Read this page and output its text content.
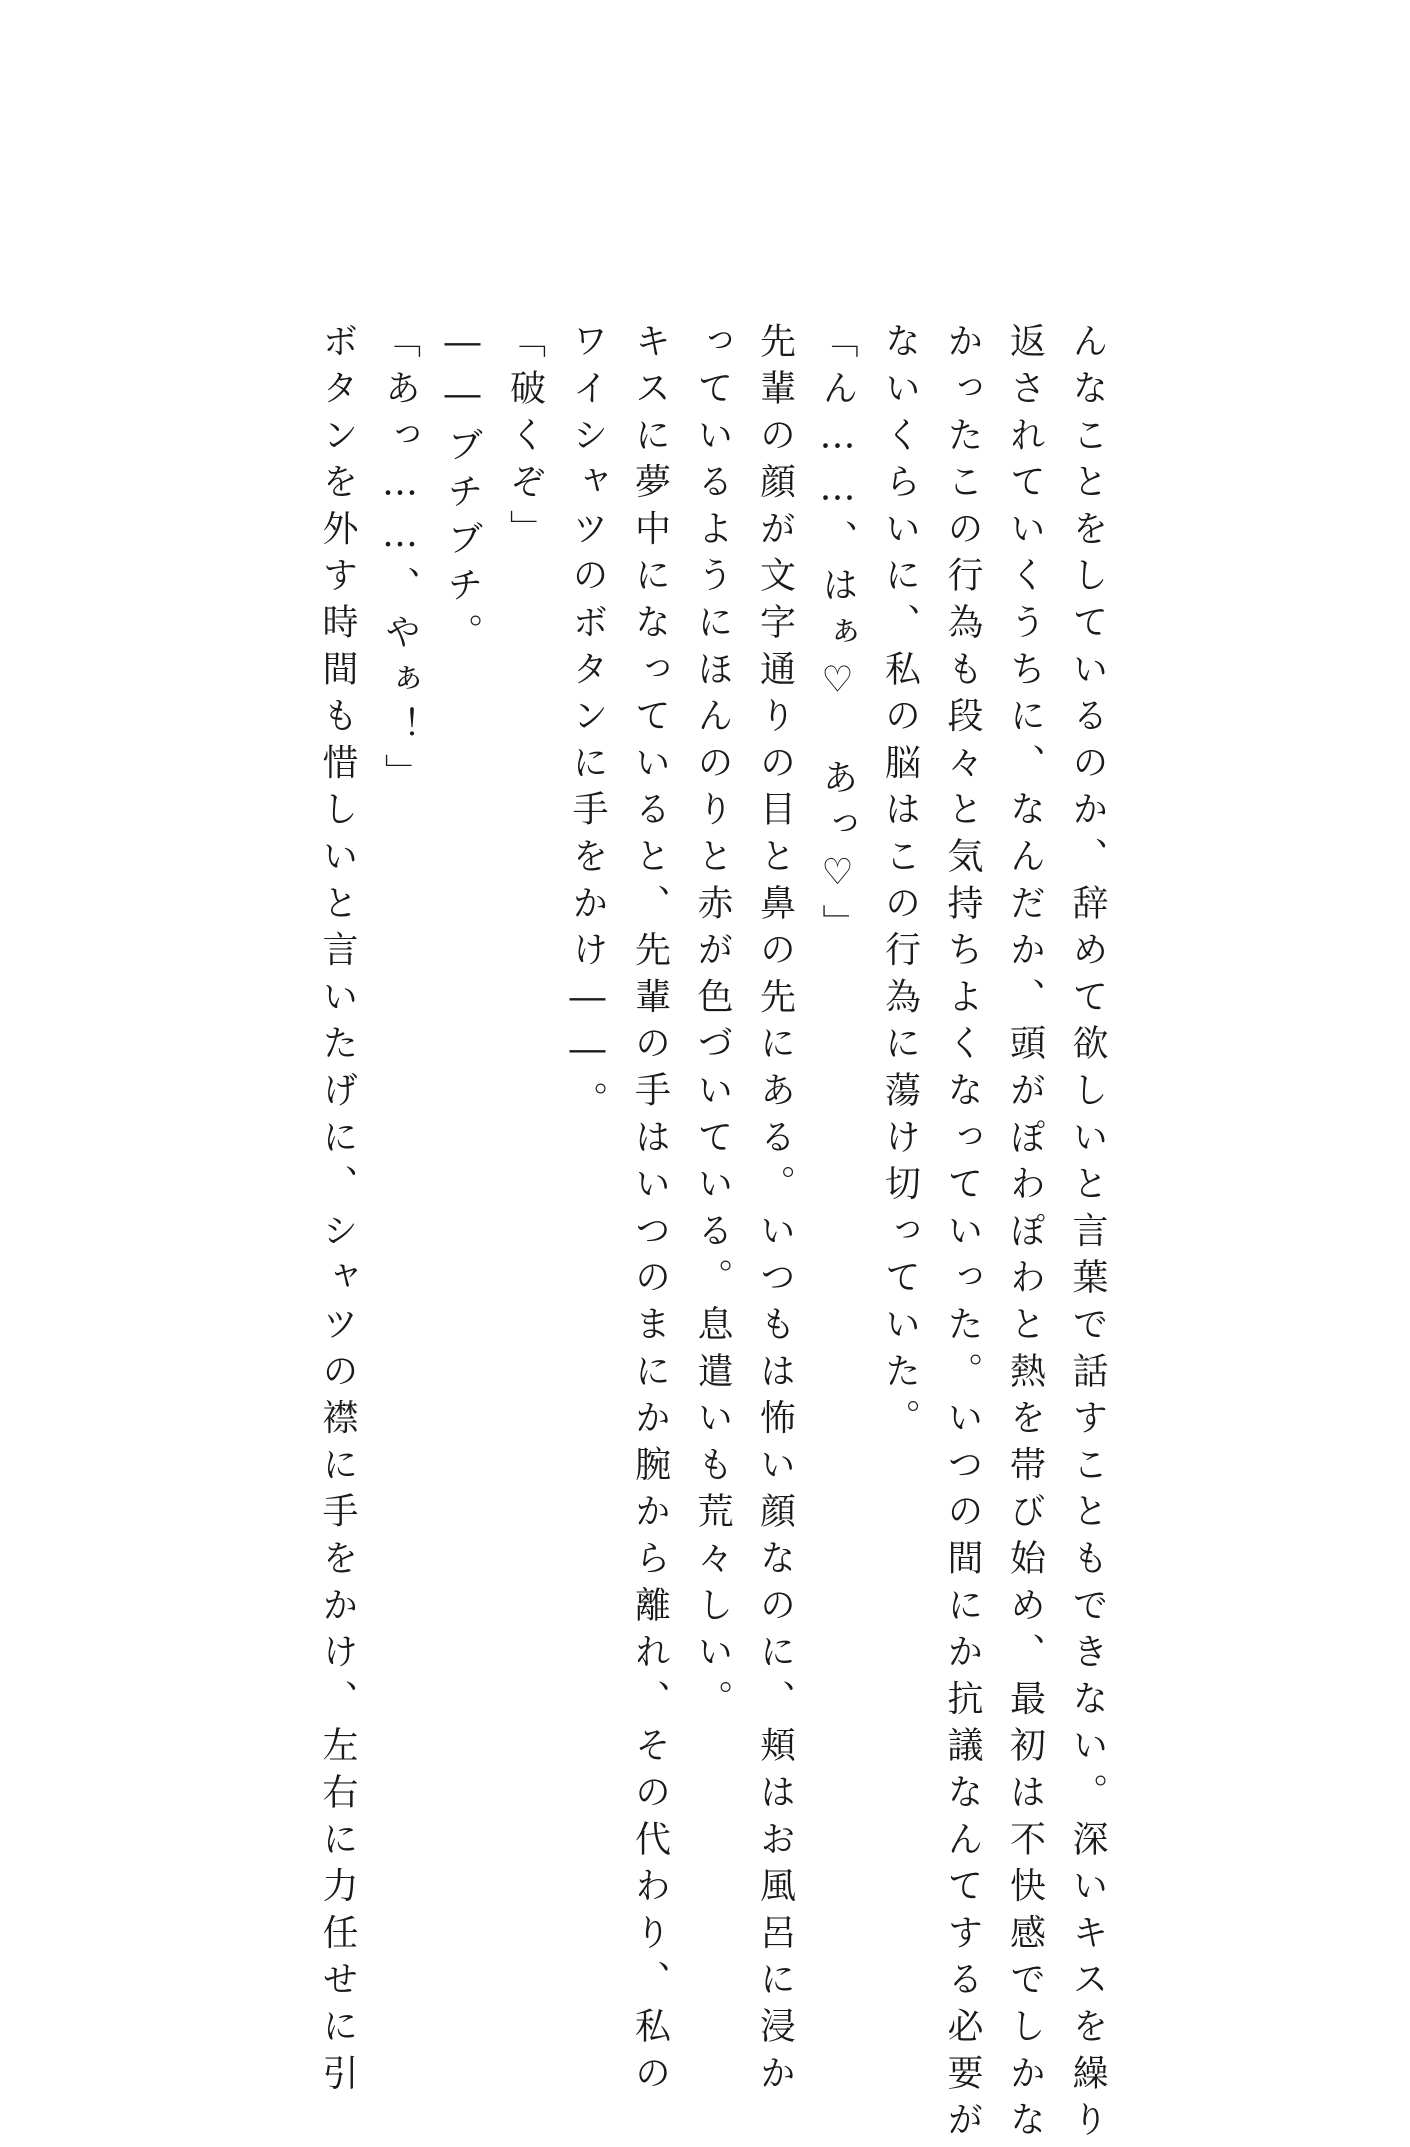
んなことをしているのか、辞めて欲しいと言葉で話すこともできない。深いキスを繰り
返されていくうちに、なんだか、頭がぽわぽわと熱を帯び始め、最初は不快感でしかな
かったこの行為も段々と気持ちよくなっていった。いつの間にか抗議なんてする必要が
ないくらいに、私の脳はこの行為に蕩け切っていた。
「ん……、はぁ♡　あっ♡」
先輩の顔が文字通りの目と鼻の先にある。いつもは怖い顔なのに、頬はお風呂に浸か
っているようにほんのりと赤が色づいている。息遣いも荒々しい。
キスに夢中になっていると、先輩の手はいつのまにか腕から離れ、その代わり、私の
ワイシャツのボタンに手をかけ――。
「破くぞ」
――ブチブチ。
「あっ……、やぁ！」
ボタンを外す時間も惜しいと言いたげに、シャツの襟に手をかけ、左右に力任せに引
